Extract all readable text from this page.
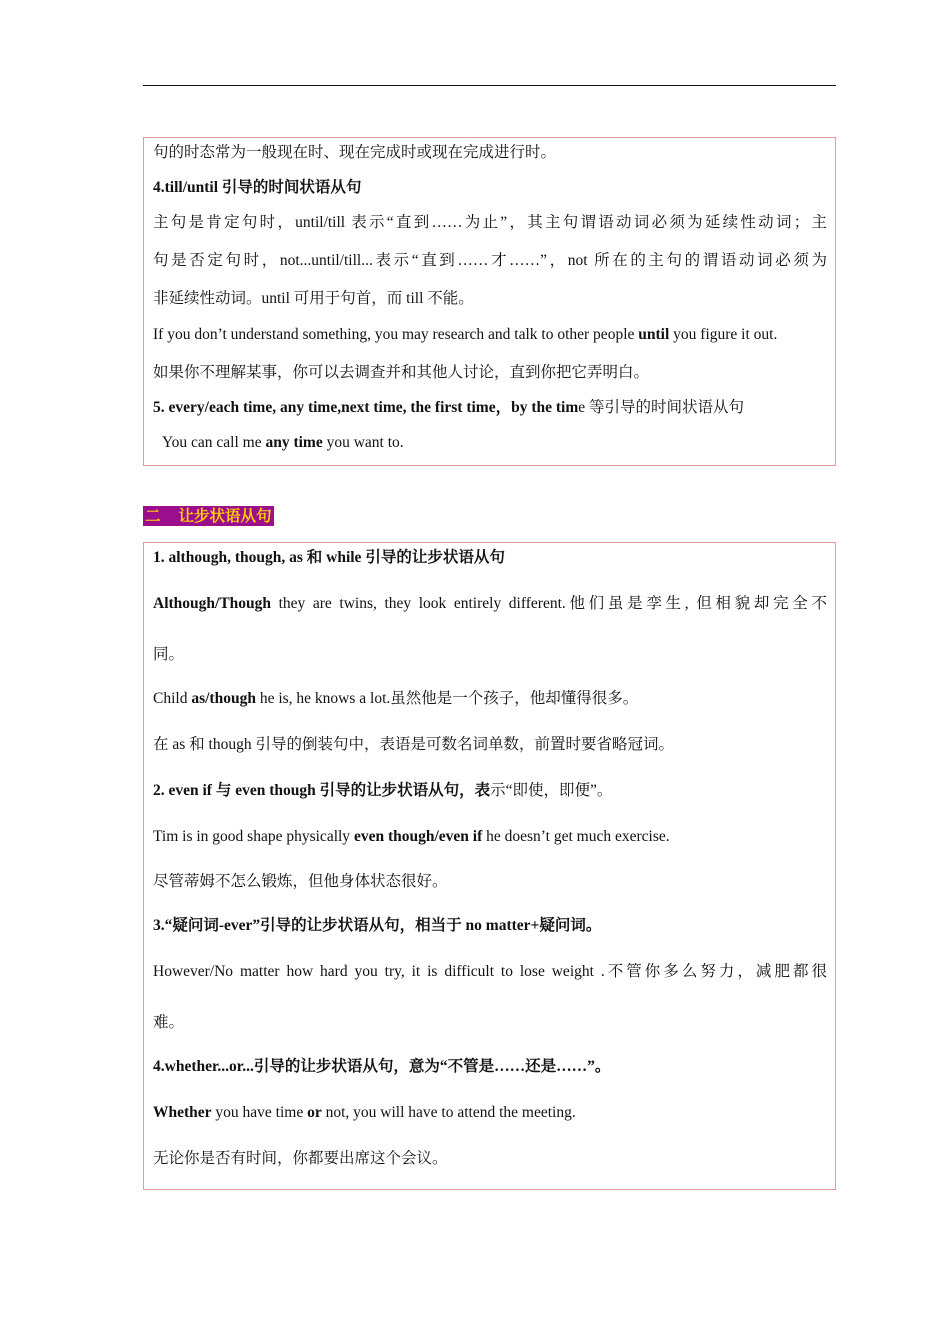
句的时态常为一般现在时、现在完成时或现在完成进行时。
4.till/until 引导的时间状语从句
主句是肯定句时，until/till 表示“直到……为止”，其主句谓语动词必须为延续性动词；主
句是否定句时，not...until/till...表示“直到……才……”，not 所在的主句的谓语动词必须为
非延续性动词。until 可用于句首，而 till 不能。
If you don’t understand something, you may research and talk to other people until you figure it out.
如果你不理解某事，你可以去调查并和其他人讨论，直到你把它弄明白。
5. every/each time, any time,next time, the first time，by the time 等引导的时间状语从句
You can call me any time you want to.
二 让步状语从句
1. although, though, as 和 while 引导的让步状语从句
Although/Though they are twins, they look entirely different.他们虽是孪生, 但相貌却完全不
同。
Child as/though he is, he knows a lot.虽然他是一个孩子，他却懂得很多。
在 as 和 though 引导的倒装句中，表语是可数名词单数，前置时要省略冠词。
2. even if 与 even though 引导的让步状语从句，表示“即使，即便”。
Tim is in good shape physically even though/even if he doesn’t get much exercise.
尽管蒂姆不怎么锻炼，但他身体状态很好。
3.“疑问词-ever”引导的让步状语从句，相当于 no matter+疑问词。
However/No matter how hard you try, it is difficult to lose weight .不管你多么努力，减肥都很
难。
4.whether...or...引导的让步状语从句，意为“不管是……还是……”。
Whether you have time or not, you will have to attend the meeting.
无论你是否有时间，你都要出席这个会议。
